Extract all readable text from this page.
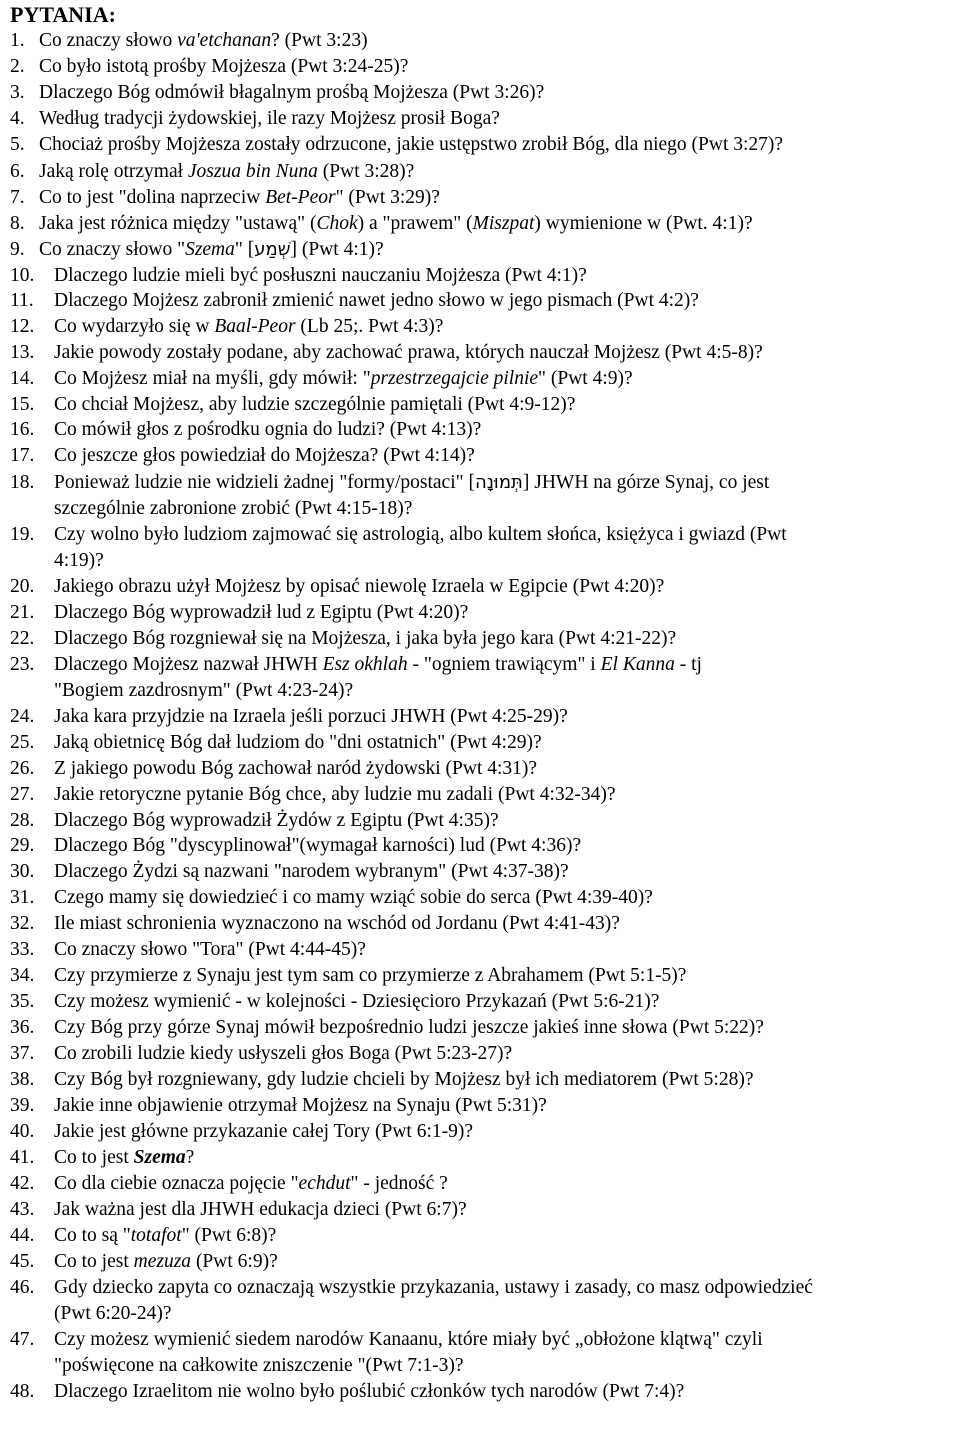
PYTANIA:
1. Co znaczy słowo va'etchanan? (Pwt 3:23)
2. Co było istotą prośby Mojżesza (Pwt 3:24-25)?
3. Dlaczego Bóg odmówił błagalnym prośbą Mojżesza (Pwt 3:26)?
4. Według tradycji żydowskiej, ile razy Mojżesz prosił Boga?
5. Chociaż prośby Mojżesza zostały odrzucone, jakie ustępstwo zrobił Bóg, dla niego (Pwt 3:27)?
6. Jaką rolę otrzymał Joszua bin Nuna (Pwt 3:28)?
7. Co to jest "dolina naprzeciw Bet-Peor" (Pwt 3:29)?
8. Jaka jest różnica między "ustawą" (Chok) a "prawem" (Miszpat) wymienione w (Pwt. 4:1)?
9. Co znaczy słowo "Szema" [שְׁמַע] (Pwt 4:1)?
10. Dlaczego ludzie mieli być posłuszni nauczaniu Mojżesza (Pwt 4:1)?
11. Dlaczego Mojżesz zabronił zmienić nawet jedno słowo w jego pismach (Pwt 4:2)?
12. Co wydarzyło się w Baal-Peor (Lb 25;. Pwt 4:3)?
13. Jakie powody zostały podane, aby zachować prawa, których nauczał Mojżesz (Pwt 4:5-8)?
14. Co Mojżesz miał na myśli, gdy mówił: "przestrzegajcie pilnie" (Pwt 4:9)?
15. Co chciał Mojżesz, aby ludzie szczególnie pamiętali (Pwt 4:9-12)?
16. Co mówił głos z pośrodku ognia do ludzi? (Pwt 4:13)?
17. Co jeszcze głos powiedział do Mojżesza? (Pwt 4:14)?
18. Ponieważ ludzie nie widzieli żadnej "formy/postaci" [תְּמוּנָה] JHWH na górze Synaj, co jest
szczególnie zabronione zrobić (Pwt 4:15-18)?
19. Czy wolno było ludziom zajmować się astrologią, albo kultem słońca, księżyca i gwiazd (Pwt
4:19)?
20. Jakiego obrazu użył Mojżesz by opisać niewolę Izraela w Egipcie (Pwt 4:20)?
21. Dlaczego Bóg wyprowadził lud z Egiptu (Pwt 4:20)?
22. Dlaczego Bóg rozgniewał się na Mojżesza, i jaka była jego kara (Pwt 4:21-22)?
23. Dlaczego Mojżesz nazwał JHWH Esz okhlah - "ogniem trawiącym" i El Kanna - tj
"Bogiem zazdrosnym" (Pwt 4:23-24)?
24. Jaka kara przyjdzie na Izraela jeśli porzuci JHWH (Pwt 4:25-29)?
25. Jaką obietnicę Bóg dał ludziom do "dni ostatnich" (Pwt 4:29)?
26. Z jakiego powodu Bóg zachował naród żydowski (Pwt 4:31)?
27. Jakie retoryczne pytanie Bóg chce, aby ludzie mu zadali (Pwt 4:32-34)?
28. Dlaczego Bóg wyprowadził Żydów z Egiptu (Pwt 4:35)?
29. Dlaczego Bóg "dyscyplinował"(wymagał karności) lud (Pwt 4:36)?
30. Dlaczego Żydzi są nazwani "narodem wybranym" (Pwt 4:37-38)?
31. Czego mamy się dowiedzieć i co mamy wziąć sobie do serca (Pwt 4:39-40)?
32. Ile miast schronienia wyznaczono na wschód od Jordanu (Pwt 4:41-43)?
33. Co znaczy słowo "Tora" (Pwt 4:44-45)?
34. Czy przymierze z Synaju jest tym sam co przymierze z Abrahamem (Pwt 5:1-5)?
35. Czy możesz wymienić - w kolejności - Dziesięcioro Przykazań (Pwt 5:6-21)?
36. Czy Bóg przy górze Synaj mówił bezpośrednio ludzi jeszcze jakieś inne słowa (Pwt 5:22)?
37. Co zrobili ludzie kiedy usłyszeli głos Boga (Pwt 5:23-27)?
38. Czy Bóg był rozgniewany, gdy ludzie chcieli by Mojżesz był ich mediatorem (Pwt 5:28)?
39. Jakie inne objawienie otrzymał Mojżesz na Synaju (Pwt 5:31)?
40. Jakie jest główne przykazanie całej Tory (Pwt 6:1-9)?
41. Co to jest Szema?
42. Co dla ciebie oznacza pojęcie "echdut" - jedność ?
43. Jak ważna jest dla JHWH edukacja dzieci (Pwt 6:7)?
44. Co to są "totafot" (Pwt 6:8)?
45. Co to jest mezuza (Pwt 6:9)?
46. Gdy dziecko zapyta co oznaczają wszystkie przykazania, ustawy i zasady, co masz odpowiedzieć
(Pwt 6:20-24)?
47. Czy możesz wymienić siedem narodów Kanaanu, które miały być „obłożone klątwą" czyli
"poświęcone na całkowite zniszczenie "(Pwt 7:1-3)?
48. Dlaczego Izraelitom nie wolno było poślubić członków tych narodów (Pwt 7:4)?
